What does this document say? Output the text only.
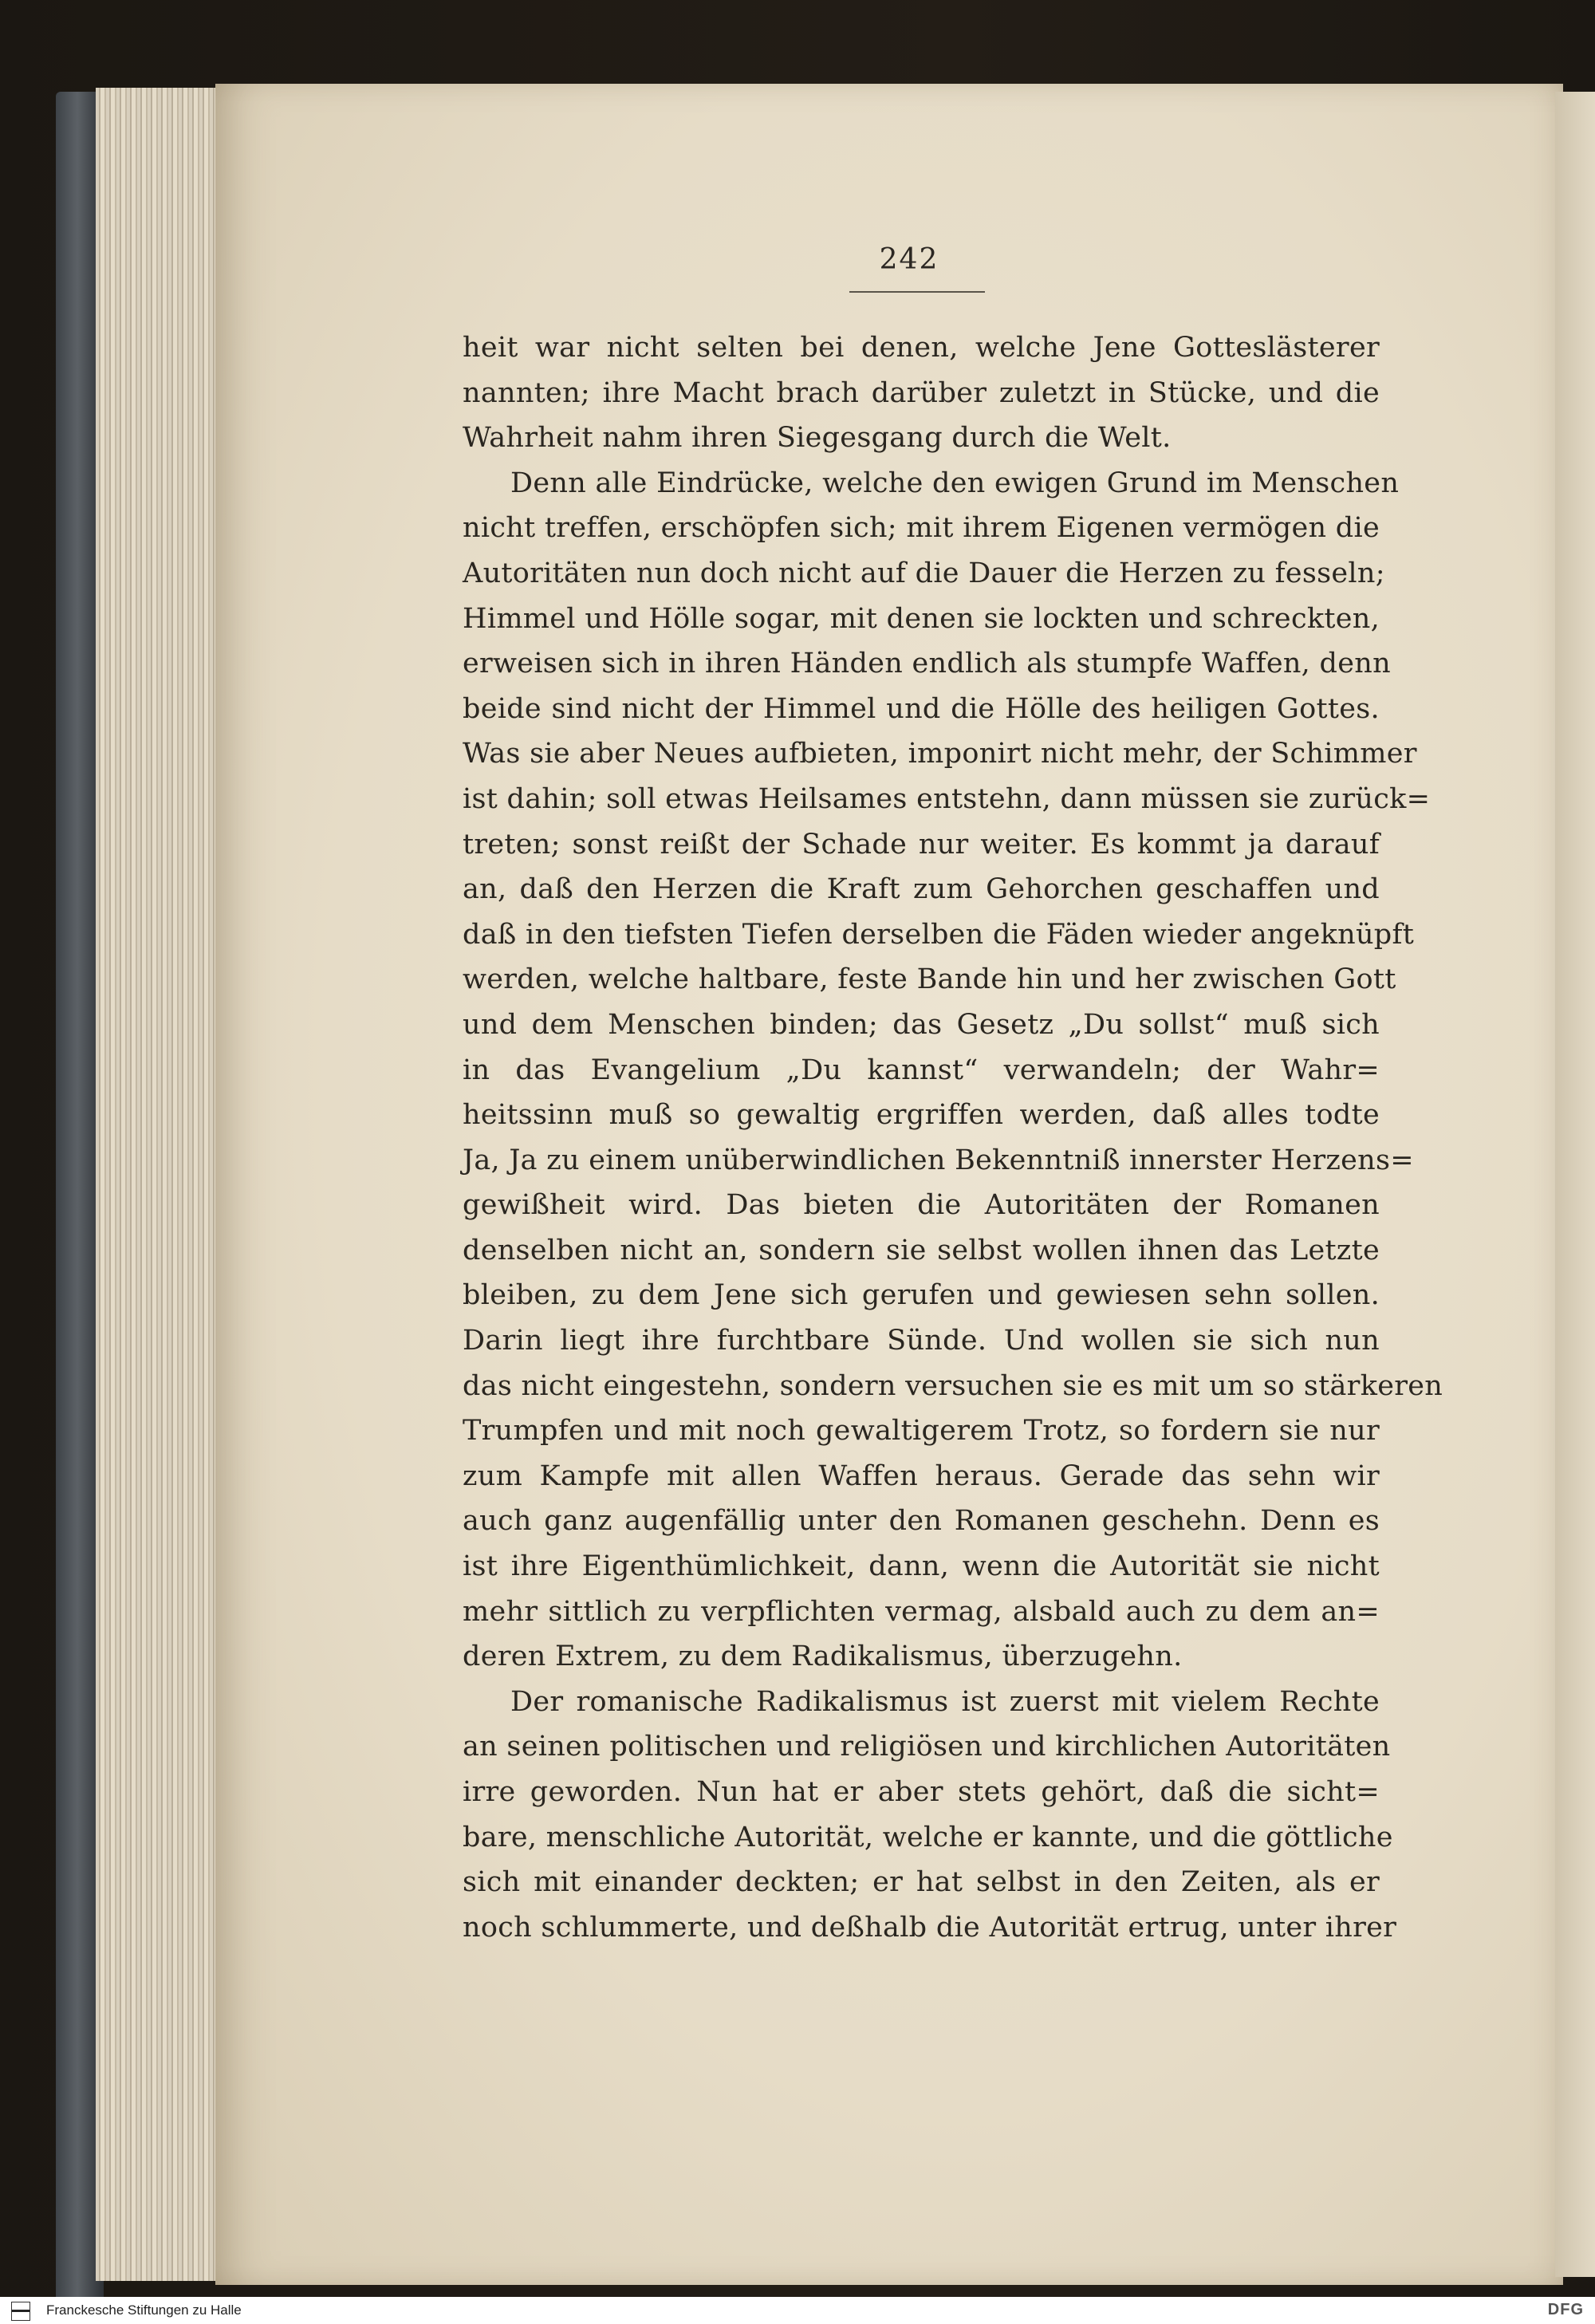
242
heit war nicht selten bei denen, welche Jene Gotteslästerer
nannten; ihre Macht brach darüber zuletzt in Stücke, und die
Wahrheit nahm ihren Siegesgang durch die Welt.
Denn alle Eindrücke, welche den ewigen Grund im Menschen
nicht treffen, erschöpfen sich; mit ihrem Eigenen vermögen die
Autoritäten nun doch nicht auf die Dauer die Herzen zu fesseln;
Himmel und Hölle sogar, mit denen sie lockten und schreckten,
erweisen sich in ihren Händen endlich als stumpfe Waffen, denn
beide sind nicht der Himmel und die Hölle des heiligen Gottes.
Was sie aber Neues aufbieten, imponirt nicht mehr, der Schimmer
ist dahin; soll etwas Heilsames entstehn, dann müssen sie zurück=
treten; sonst reißt der Schade nur weiter. Es kommt ja darauf
an, daß den Herzen die Kraft zum Gehorchen geschaffen und
daß in den tiefsten Tiefen derselben die Fäden wieder angeknüpft
werden, welche haltbare, feste Bande hin und her zwischen Gott
und dem Menschen binden; das Gesetz „Du sollst“ muß sich
in das Evangelium „Du kannst“ verwandeln; der Wahr=
heitssinn muß so gewaltig ergriffen werden, daß alles todte
Ja, Ja zu einem unüberwindlichen Bekenntniß innerster Herzens=
gewißheit wird. Das bieten die Autoritäten der Romanen
denselben nicht an, sondern sie selbst wollen ihnen das Letzte
bleiben, zu dem Jene sich gerufen und gewiesen sehn sollen.
Darin liegt ihre furchtbare Sünde. Und wollen sie sich nun
das nicht eingestehn, sondern versuchen sie es mit um so stärkeren
Trumpfen und mit noch gewaltigerem Trotz, so fordern sie nur
zum Kampfe mit allen Waffen heraus. Gerade das sehn wir
auch ganz augenfällig unter den Romanen geschehn. Denn es
ist ihre Eigenthümlichkeit, dann, wenn die Autorität sie nicht
mehr sittlich zu verpflichten vermag, alsbald auch zu dem an=
deren Extrem, zu dem Radikalismus, überzugehn.
Der romanische Radikalismus ist zuerst mit vielem Rechte
an seinen politischen und religiösen und kirchlichen Autoritäten
irre geworden. Nun hat er aber stets gehört, daß die sicht=
bare, menschliche Autorität, welche er kannte, und die göttliche
sich mit einander deckten; er hat selbst in den Zeiten, als er
noch schlummerte, und deßhalb die Autorität ertrug, unter ihrer
Franckesche Stiftungen zu Halle	DFG
